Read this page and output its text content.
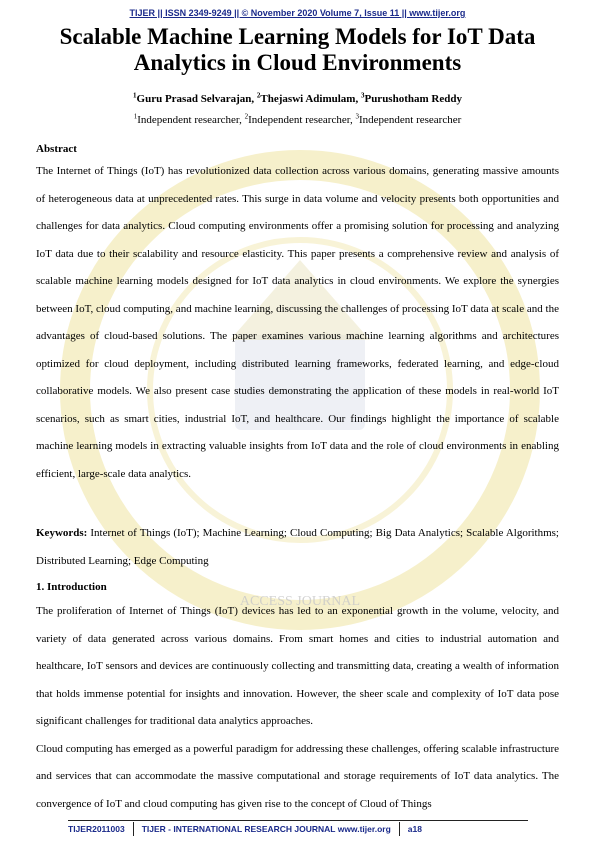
ACCESS JOURNAL
TIJER || ISSN 2349-9249 || © November 2020 Volume 7, Issue 11 || www.tijer.org
Scalable Machine Learning Models for IoT Data Analytics in Cloud Environments
$^1$Guru Prasad Selvarajan, $^2$Thejaswi Adimulam, $^3$Purushotham Reddy
$^1$Independent researcher, $^2$Independent researcher, $^3$Independent researcher
Abstract
The Internet of Things (IoT) has revolutionized data collection across various domains, generating massive amounts of heterogeneous data at unprecedented rates. This surge in data volume and velocity presents both opportunities and challenges for data analytics. Cloud computing environments offer a promising solution for processing and analyzing IoT data due to their scalability and resource elasticity. This paper presents a comprehensive review and analysis of scalable machine learning models designed for IoT data analytics in cloud environments. We explore the synergies between IoT, cloud computing, and machine learning, discussing the challenges of processing IoT data at scale and the advantages of cloud-based solutions. The paper examines various machine learning algorithms and architectures optimized for cloud deployment, including distributed learning frameworks, federated learning, and edge-cloud collaborative models. We also present case studies demonstrating the application of these models in real-world IoT scenarios, such as smart cities, industrial IoT, and healthcare. Our findings highlight the importance of scalable machine learning models in extracting valuable insights from IoT data and the role of cloud environments in enabling efficient, large-scale data analytics.
Keywords: Internet of Things (IoT); Machine Learning; Cloud Computing; Big Data Analytics; Scalable Algorithms; Distributed Learning; Edge Computing
1. Introduction
The proliferation of Internet of Things (IoT) devices has led to an exponential growth in the volume, velocity, and variety of data generated across various domains. From smart homes and cities to industrial automation and healthcare, IoT sensors and devices are continuously collecting and transmitting data, creating a wealth of information that holds immense potential for insights and innovation. However, the sheer scale and complexity of IoT data pose significant challenges for traditional data analytics approaches.
Cloud computing has emerged as a powerful paradigm for addressing these challenges, offering scalable infrastructure and services that can accommodate the massive computational and storage requirements of IoT data analytics. The convergence of IoT and cloud computing has given rise to the concept of Cloud of Things
TIJER2011003 TIJER - INTERNATIONAL RESEARCH JOURNAL www.tijer.org a18
